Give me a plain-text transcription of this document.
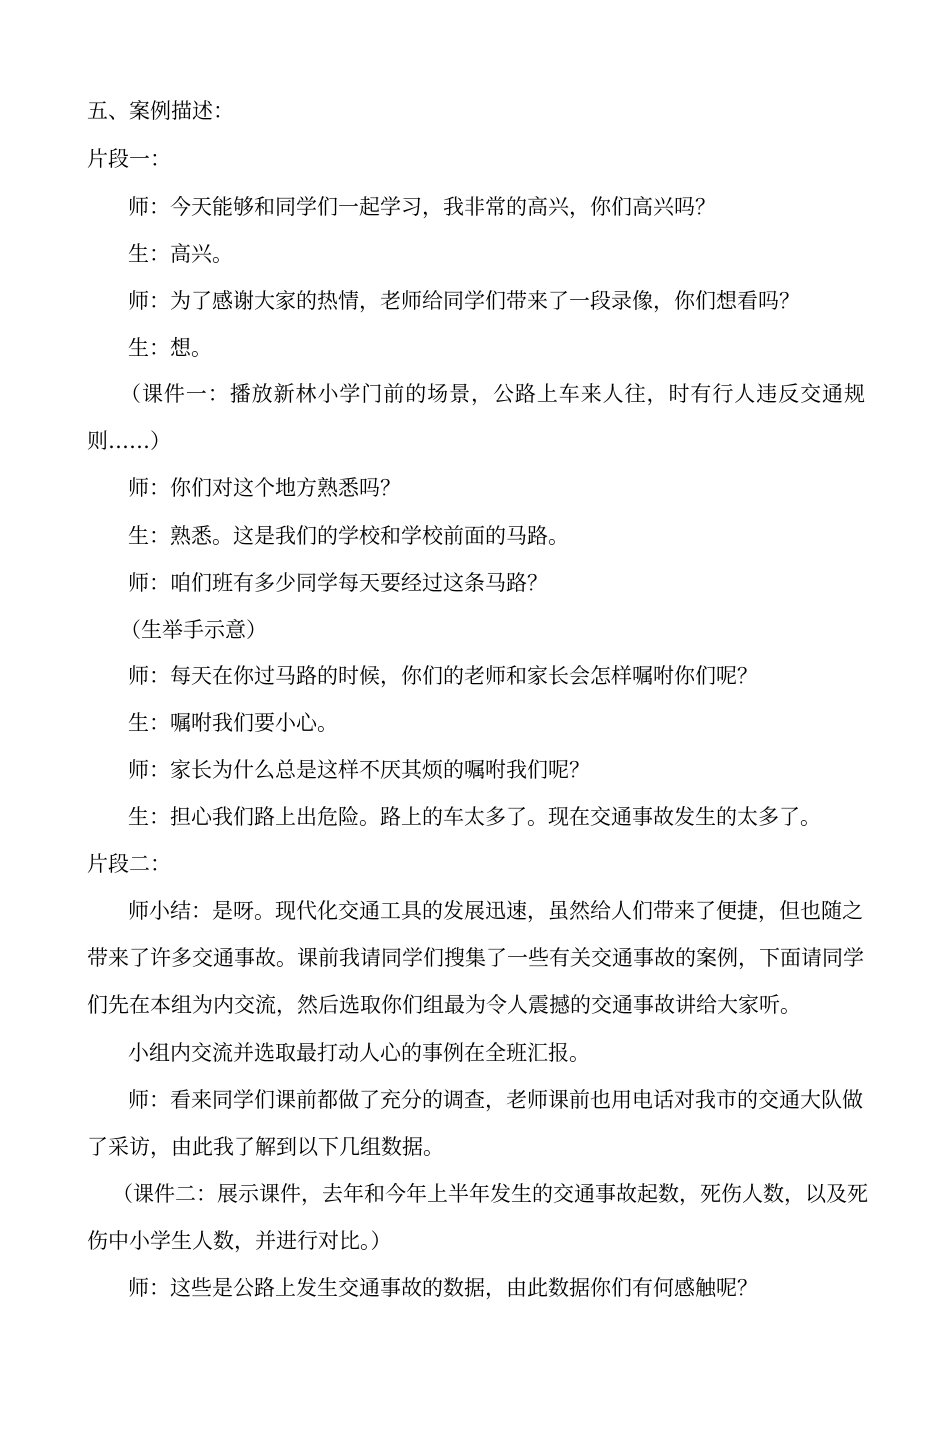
五、案例描述：
片段一：
师：今天能够和同学们一起学习，我非常的高兴，你们高兴吗？
生：高兴。
师：为了感谢大家的热情，老师给同学们带来了一段录像，你们想看吗？
生：想。
（课件一：播放新林小学门前的场景，公路上车来人往，时有行人违反交通规
则……）
师：你们对这个地方熟悉吗？
生：熟悉。这是我们的学校和学校前面的马路。
师：咱们班有多少同学每天要经过这条马路？
（生举手示意）
师：每天在你过马路的时候，你们的老师和家长会怎样嘱咐你们呢？
生：嘱咐我们要小心。
师：家长为什么总是这样不厌其烦的嘱咐我们呢？
生：担心我们路上出危险。路上的车太多了。现在交通事故发生的太多了。
片段二：
师小结：是呀。现代化交通工具的发展迅速，虽然给人们带来了便捷，但也随之
带来了许多交通事故。课前我请同学们搜集了一些有关交通事故的案例，下面请同学
们先在本组为内交流，然后选取你们组最为令人震撼的交通事故讲给大家听。
小组内交流并选取最打动人心的事例在全班汇报。
师：看来同学们课前都做了充分的调查，老师课前也用电话对我市的交通大队做
了采访，由此我了解到以下几组数据。
（课件二：展示课件，去年和今年上半年发生的交通事故起数，死伤人数，以及死
伤中小学生人数，并进行对比。）
师：这些是公路上发生交通事故的数据，由此数据你们有何感触呢？
